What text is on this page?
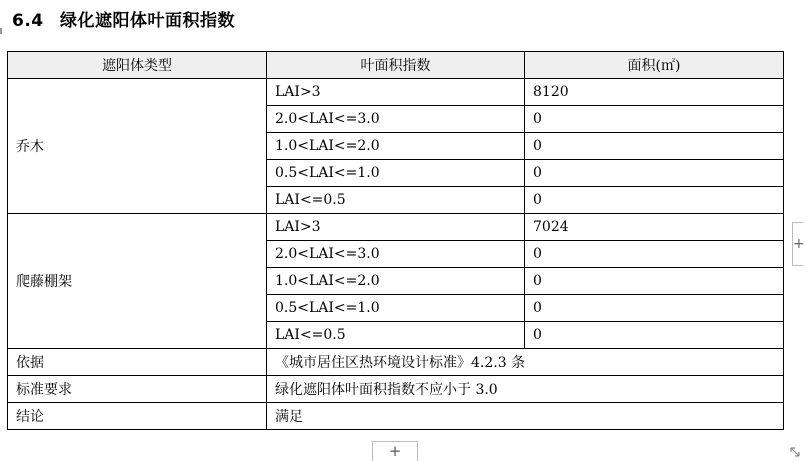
6.4 绿化遮阳体叶面积指数
遮阳体类型	叶面积指数	面积(㎡)
乔木	LAI>3	8120
	2.0<LAI<=3.0	0
	1.0<LAI<=2.0	0
	0.5<LAI<=1.0	0
	LAI<=0.5	0
爬藤棚架	LAI>3	7024
	2.0<LAI<=3.0	0
	1.0<LAI<=2.0	0
	0.5<LAI<=1.0	0
	LAI<=0.5	0
依据	《城市居住区热环境设计标准》4.2.3 条	
标准要求	绿化遮阳体叶面积指数不应小于 3.0	
结论	满足	
+
+
